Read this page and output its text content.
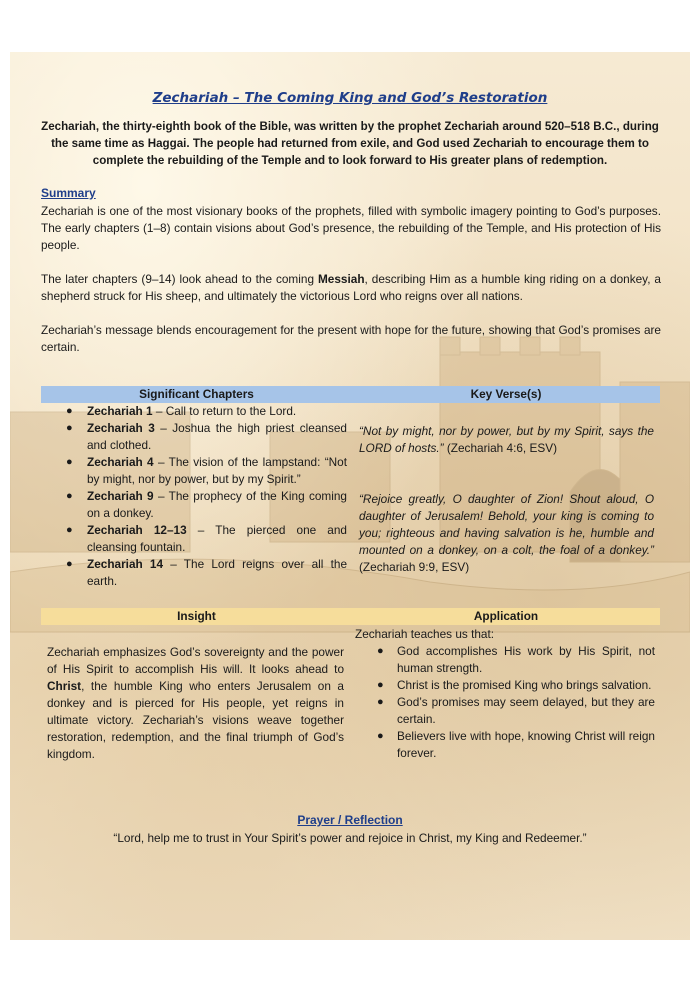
Zechariah – The Coming King and God’s Restoration
Zechariah, the thirty-eighth book of the Bible, was written by the prophet Zechariah around 520–518 B.C., during the same time as Haggai. The people had returned from exile, and God used Zechariah to encourage them to complete the rebuilding of the Temple and to look forward to His greater plans of redemption.
Summary
Zechariah is one of the most visionary books of the prophets, filled with symbolic imagery pointing to God’s purposes. The early chapters (1–8) contain visions about God’s presence, the rebuilding of the Temple, and His protection of His people.
The later chapters (9–14) look ahead to the coming Messiah, describing Him as a humble king riding on a donkey, a shepherd struck for His sheep, and ultimately the victorious Lord who reigns over all nations.
Zechariah’s message blends encouragement for the present with hope for the future, showing that God’s promises are certain.
Significant Chapters	Key Verse(s)
● Zechariah 1 – Call to return to the Lord.
● Zechariah 3 – Joshua the high priest cleansed and clothed.
● Zechariah 4 – The vision of the lampstand: “Not by might, nor by power, but by my Spirit.”
● Zechariah 9 – The prophecy of the King coming on a donkey.
● Zechariah 12–13 – The pierced one and cleansing fountain.
● Zechariah 14 – The Lord reigns over all the earth.
“Not by might, nor by power, but by my Spirit, says the LORD of hosts.” (Zechariah 4:6, ESV)
“Rejoice greatly, O daughter of Zion! Shout aloud, O daughter of Jerusalem! Behold, your king is coming to you; righteous and having salvation is he, humble and mounted on a donkey, on a colt, the foal of a donkey.” (Zechariah 9:9, ESV)
Insight	Application
Zechariah emphasizes God’s sovereignty and the power of His Spirit to accomplish His will. It looks ahead to Christ, the humble King who enters Jerusalem on a donkey and is pierced for His people, yet reigns in ultimate victory. Zechariah’s visions weave together restoration, redemption, and the final triumph of God’s kingdom.
Zechariah teaches us that:
● God accomplishes His work by His Spirit, not human strength.
● Christ is the promised King who brings salvation.
● God’s promises may seem delayed, but they are certain.
● Believers live with hope, knowing Christ will reign forever.
Prayer / Reflection
“Lord, help me to trust in Your Spirit’s power and rejoice in Christ, my King and Redeemer.”
